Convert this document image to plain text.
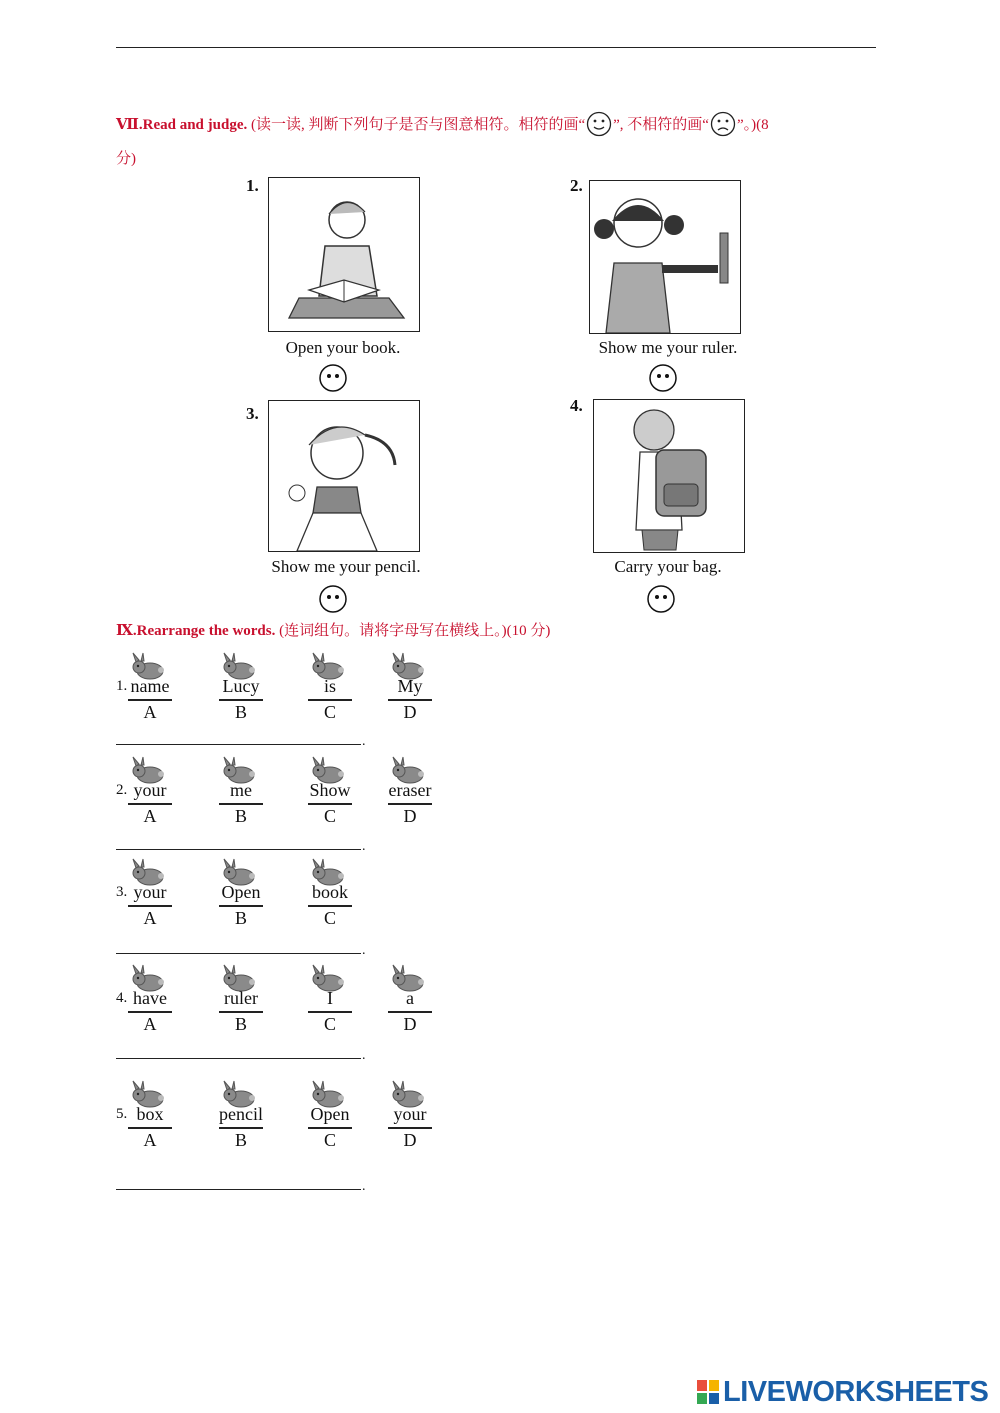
Ⅶ.Read and judge. (读一读, 判断下列句子是否与图意相符。相符的画“ ”, 不相符的画“ ”。)(8
分)
1.
Open your book.
2.
Show me your ruler.
3.
Show me your pencil.
4.
Carry your bag.
Ⅸ.Rearrange the words. (连词组句。请将字母写在横线上。)(10 分)
1. name
A
Lucy
B
is
C
My
D
.
2. your
A
me
B
Show
C
eraser
D
.
3. your
A
Open
B
book
C
.
4. have
A
ruler
B
I
C
a
D
.
5. box
A
pencil
B
Open
C
your
D
.
LIVEWORKSHEETS
